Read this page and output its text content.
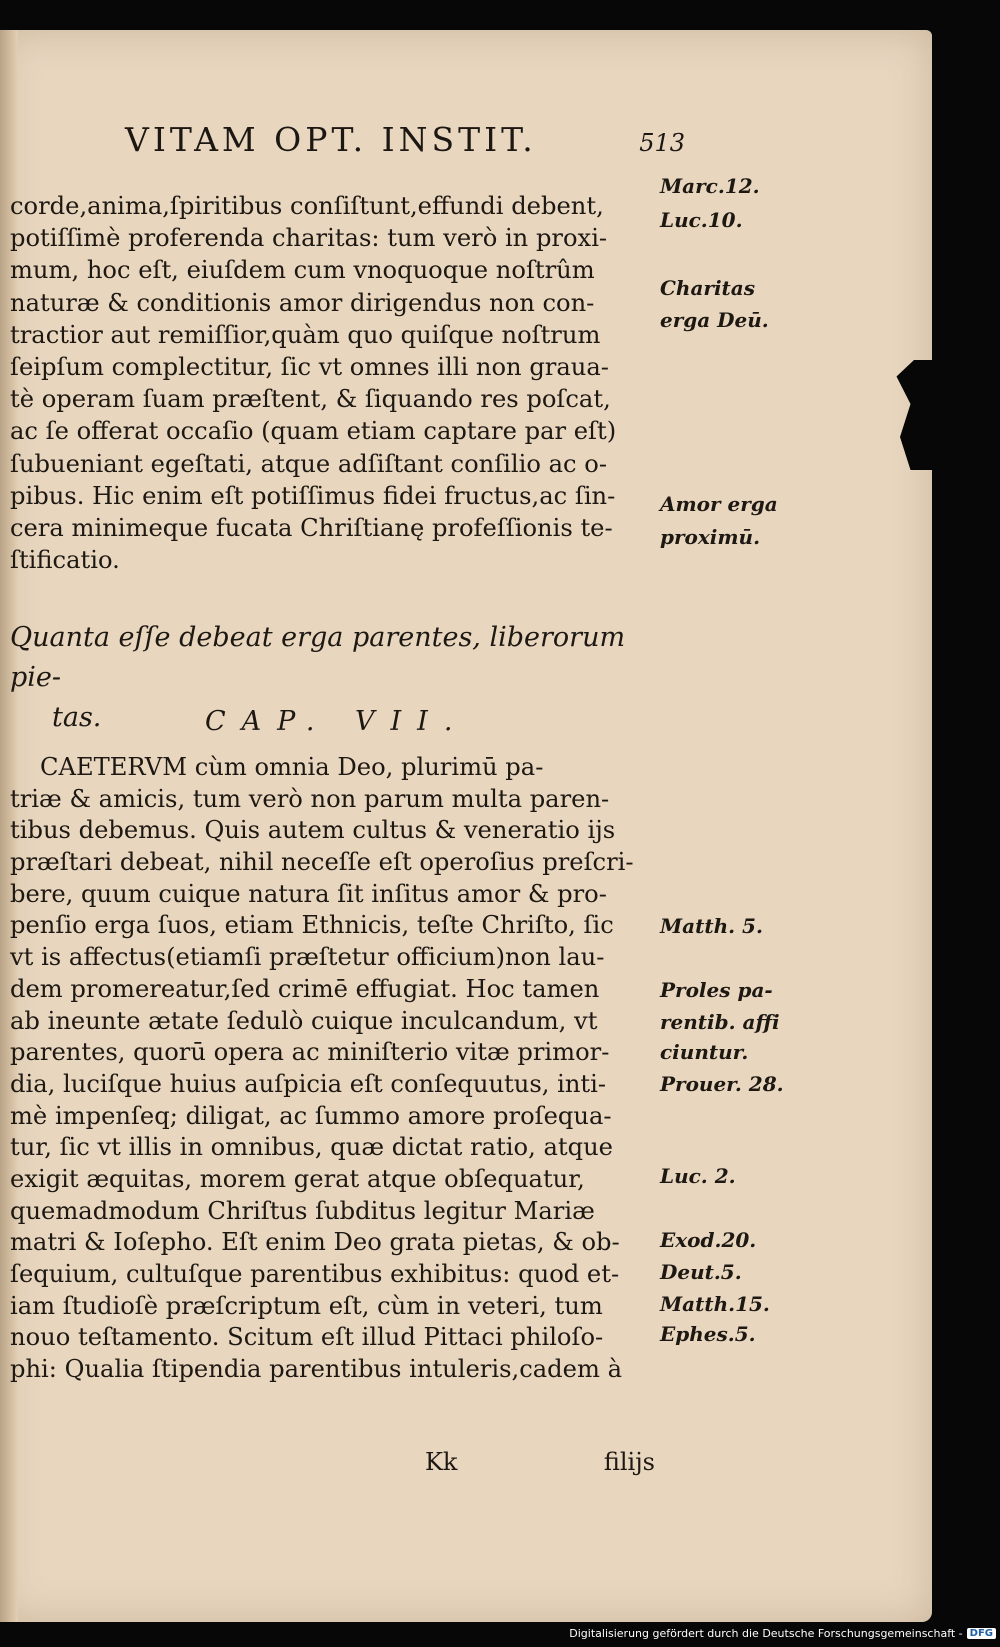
VITAM OPT. INSTIT.	513
corde,anima,ſpiritibus conſiſtunt,effundi debent,
potiſſimè proferenda charitas: tum verò in proxi-
mum, hoc eſt, eiuſdem cum vnoquoque noſtrûm
naturæ & conditionis amor dirigendus non con-
tractior aut remiſſior,quàm quo quiſque noſtrum
ſeipſum complectitur, ſic vt omnes illi non graua-
tè operam ſuam præſtent, & ſiquando res poſcat,
ac ſe offerat occaſio (quam etiam captare par eſt)
ſubueniant egeſtati, atque adſiſtant conſilio ac o-
pibus. Hic enim eſt potiſſimus fidei fructus,ac ſin-
cera minimeque fucata Chriſtianę profeſſionis te-
ſtificatio.
Quanta eſſe debeat erga parentes, liberorum pie-
tas.	CAP. VII.
CAETERVM cùm omnia Deo, plurimū pa-
triæ & amicis, tum verò non parum multa paren-
tibus debemus. Quis autem cultus & veneratio ijs
præſtari debeat, nihil neceſſe eſt operoſius preſcri-
bere, quum cuique natura ſit inſitus amor & pro-
penſio erga ſuos, etiam Ethnicis, teſte Chriſto, ſic
vt is affectus(etiamſi præſtetur officium)non lau-
dem promereatur,ſed crimē effugiat. Hoc tamen
ab ineunte ætate ſedulò cuique inculcandum, vt
parentes, quorū opera ac miniſterio vitæ primor-
dia, luciſque huius auſpicia eſt conſequutus, inti-
mè impenſeq; diligat, ac ſummo amore proſequa-
tur, ſic vt illis in omnibus, quæ dictat ratio, atque
exigit æquitas, morem gerat atque obſequatur,
quemadmodum Chriſtus ſubditus legitur Mariæ
matri & Ioſepho. Eſt enim Deo grata pietas, & ob-
ſequium, cultuſque parentibus exhibitus: quod et-
iam ſtudioſè præſcriptum eſt, cùm in veteri, tum
nouo teſtamento. Scitum eſt illud Pittaci philoſo-
phi: Qualia ſtipendia parentibus intuleris,cadem à
Marc.12.
Luc.10.
Charitas
erga Deū.
Amor erga
proximū.
Matth. 5.
Proles pa-
rentib. affi
ciuntur.
Prouer. 28.
Luc. 2.
Exod.20.
Deut.5.
Matth.15.
Ephes.5.
Kk	filijs
Digitalisierung gefördert durch die Deutsche Forschungsgemeinschaft - DFG
